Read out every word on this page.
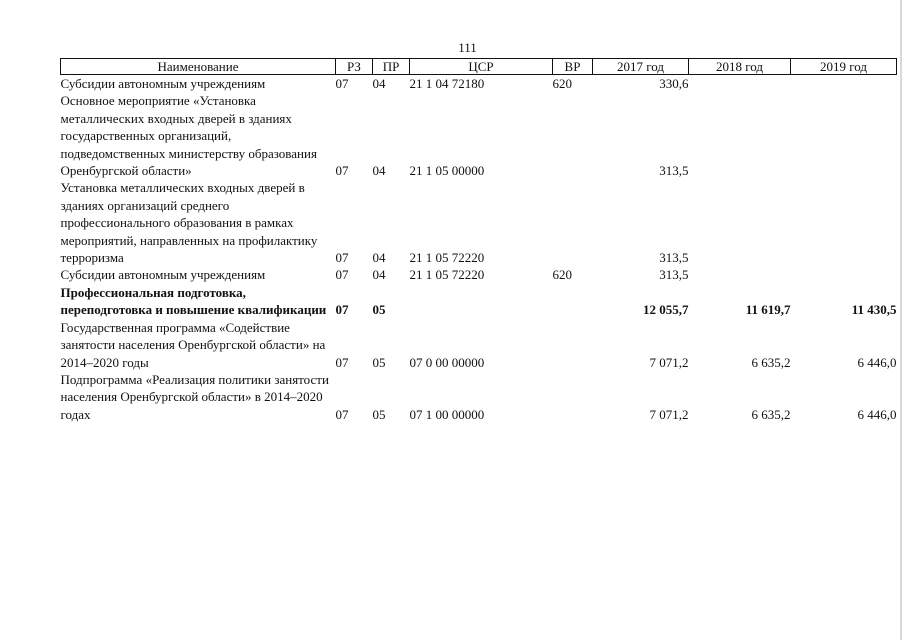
111
Наименование	РЗ	ПР	ЦСР	ВР	2017 год	2018 год	2019 год
Субсидии автономным учреждениям	07	04	21 1 04 72180	620	330,6		
Основное мероприятие «Установка металлических входных дверей в зданиях государственных организаций, подведомственных министерству образования Оренбургской области»	07	04	21 1 05 00000		313,5		
Установка металлических входных дверей в зданиях организаций среднего профессионального образования в рамках мероприятий, направленных на профилактику терроризма	07	04	21 1 05 72220		313,5		
Субсидии автономным учреждениям	07	04	21 1 05 72220	620	313,5		
Профессиональная подготовка, переподготовка и повышение квалификации	07	05			12 055,7	11 619,7	11 430,5
Государственная программа «Содействие занятости населения Оренбургской области» на 2014–2020 годы	07	05	07 0 00 00000		7 071,2	6 635,2	6 446,0
Подпрограмма «Реализация политики занятости населения Оренбургской области» в 2014–2020 годах	07	05	07 1 00 00000		7 071,2	6 635,2	6 446,0
